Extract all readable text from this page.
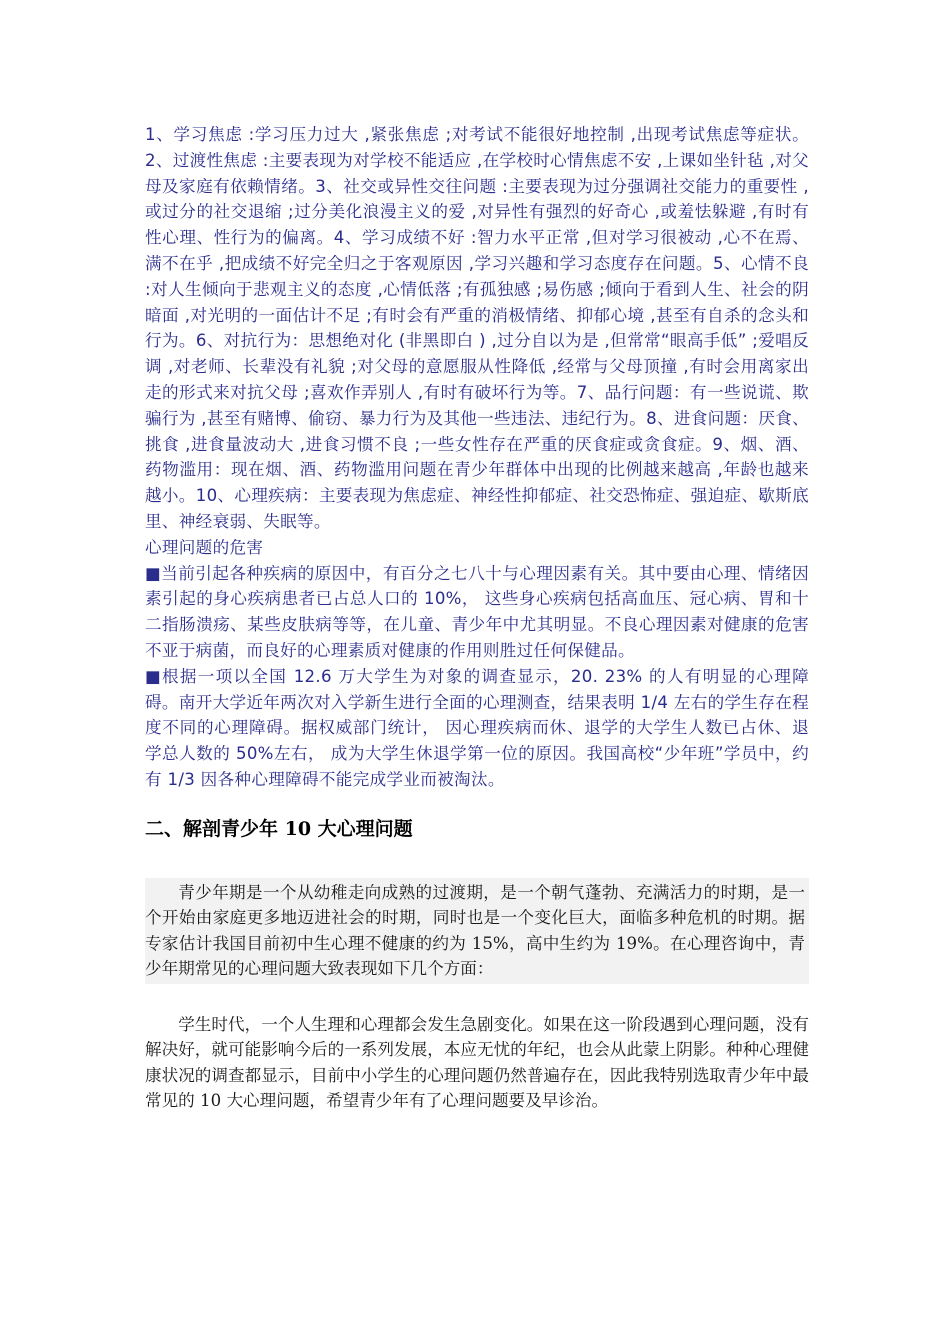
1、学习焦虑 :学习压力过大 ,紧张焦虑 ;对考试不能很好地控制 ,出现考试焦虑等症状。2、过渡性焦虑 :主要表现为对学校不能适应 ,在学校时心情焦虑不安 ,上课如坐针毡 ,对父母及家庭有依赖情绪。3、社交或异性交往问题 :主要表现为过分强调社交能力的重要性 ,或过分的社交退缩 ;过分美化浪漫主义的爱 ,对异性有强烈的好奇心 ,或羞怯躲避 ,有时有性心理、性行为的偏离。4、学习成绩不好 :智力水平正常 ,但对学习很被动 ,心不在焉、满不在乎 ,把成绩不好完全归之于客观原因 ,学习兴趣和学习态度存在问题。5、心情不良 :对人生倾向于悲观主义的态度 ,心情低落 ;有孤独感 ;易伤感 ;倾向于看到人生、社会的阴暗面 ,对光明的一面估计不足 ;有时会有严重的消极情绪、抑郁心境 ,甚至有自杀的念头和行为。6、对抗行为：思想绝对化 (非黑即白 ) ,过分自以为是 ,但常常“眼高手低” ;爱唱反调 ,对老师、长辈没有礼貌 ;对父母的意愿服从性降低 ,经常与父母顶撞 ,有时会用离家出走的形式来对抗父母 ;喜欢作弄别人 ,有时有破坏行为等。7、品行问题：有一些说谎、欺骗行为 ,甚至有赌博、偷窃、暴力行为及其他一些违法、违纪行为。8、进食问题：厌食、挑食 ,进食量波动大 ,进食习惯不良 ;一些女性存在严重的厌食症或贪食症。9、烟、酒、药物滥用：现在烟、酒、药物滥用问题在青少年群体中出现的比例越来越高 ,年龄也越来越小。10、心理疾病：主要表现为焦虑症、神经性抑郁症、社交恐怖症、强迫症、歇斯底里、神经衰弱、失眠等。

心理问题的危害

■当前引起各种疾病的原因中，有百分之七八十与心理因素有关。其中要由心理、情绪因素引起的身心疾病患者已占总人口的 10%， 这些身心疾病包括高血压、冠心病、胃和十二指肠溃疡、某些皮肤病等等，在儿童、青少年中尤其明显。不良心理因素对健康的危害不亚于病菌，而良好的心理素质对健康的作用则胜过任何保健品。

■根据一项以全国 12.6 万大学生为对象的调查显示，20. 23% 的人有明显的心理障碍。南开大学近年两次对入学新生进行全面的心理测查，结果表明 1/4 左右的学生存在程度不同的心理障碍。据权威部门统计， 因心理疾病而休、退学的大学生人数已占休、退学总人数的 50%左右， 成为大学生休退学第一位的原因。我国高校“少年班”学员中，约有 1/3 因各种心理障碍不能完成学业而被淘汰。

二、解剖青少年 10 大心理问题

青少年期是一个从幼稚走向成熟的过渡期，是一个朝气蓬勃、充满活力的时期，是一个开始由家庭更多地迈进社会的时期，同时也是一个变化巨大，面临多种危机的时期。据专家估计我国目前初中生心理不健康的约为 15%，高中生约为 19%。在心理咨询中，青少年期常见的心理问题大致表现如下几个方面：

学生时代，一个人生理和心理都会发生急剧变化。如果在这一阶段遇到心理问题，没有解决好，就可能影响今后的一系列发展，本应无忧的年纪，也会从此蒙上阴影。种种心理健康状况的调查都显示，目前中小学生的心理问题仍然普遍存在，因此我特别选取青少年中最常见的 10 大心理问题，希望青少年有了心理问题要及早诊治。
